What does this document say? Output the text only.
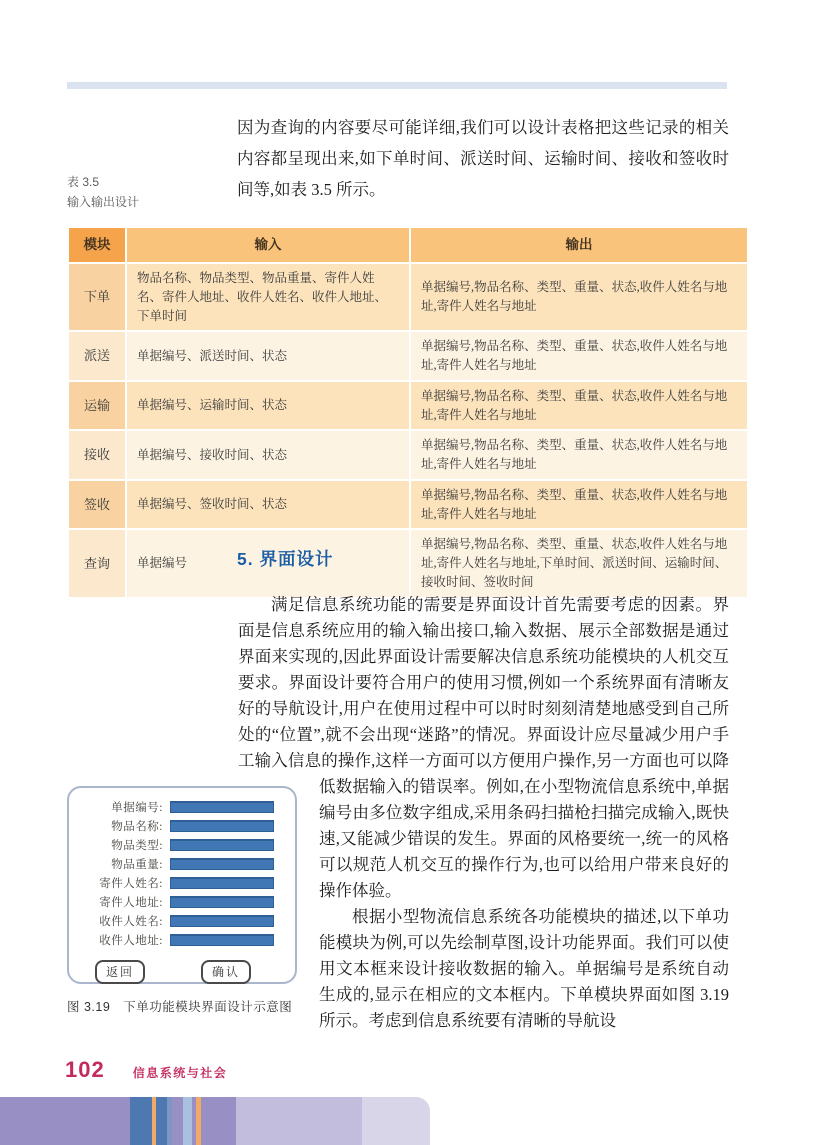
因为查询的内容要尽可能详细,我们可以设计表格把这些记录的相关内容都呈现出来,如下单时间、派送时间、运输时间、接收和签收时间等,如表 3.5 所示。

表 3.5
输入输出设计
模块	输入	输出
下单	物品名称、物品类型、物品重量、寄件人姓名、寄件人地址、收件人姓名、收件人地址、下单时间	单据编号,物品名称、类型、重量、状态,收件人姓名与地址,寄件人姓名与地址
派送	单据编号、派送时间、状态	单据编号,物品名称、类型、重量、状态,收件人姓名与地址,寄件人姓名与地址
运输	单据编号、运输时间、状态	单据编号,物品名称、类型、重量、状态,收件人姓名与地址,寄件人姓名与地址
接收	单据编号、接收时间、状态	单据编号,物品名称、类型、重量、状态,收件人姓名与地址,寄件人姓名与地址
签收	单据编号、签收时间、状态	单据编号,物品名称、类型、重量、状态,收件人姓名与地址,寄件人姓名与地址
查询	单据编号	单据编号,物品名称、类型、重量、状态,收件人姓名与地址,寄件人姓名与地址,下单时间、派送时间、运输时间、接收时间、签收时间
5. 界面设计

满足信息系统功能的需要是界面设计首先需要考虑的因素。界面是信息系统应用的输入输出接口,输入数据、展示全部数据是通过界面来实现的,因此界面设计需要解决信息系统功能模块的人机交互要求。界面设计要符合用户的使用习惯,例如一个系统界面有清晰友好的导航设计,用户在使用过程中可以时时刻刻清楚地感受到自己所处的“位置”,就不会出现“迷路”的情况。界面设计应尽量减少用户手工输入信息的操作,这样一方面可以方便用户操作,另一方面也可以降低数据输入的错误率。例如,在小型物流信息系统中,单据编号由多位数字组成,采用条码扫描枪扫描完成输入,既快速,又能减少错误的发生。界面的风格要统一,统一的风格可以规范人机交互的操作行为,也可以给用户带来良好的操作体验。

根据小型物流信息系统各功能模块的描述,以下单功能模块为例,可以先绘制草图,设计功能界面。我们可以使用文本框来设计接收数据的输入。单据编号是系统自动生成的,显示在相应的文本框内。下单模块界面如图 3.19 所示。考虑到信息系统要有清晰的导航设

单据编号:
物品名称:
物品类型:
物品重量:
寄件人姓名:
寄件人地址:
收件人姓名:
收件人地址:
返回	确认
图 3.19　下单功能模块界面设计示意图
102 信息系统与社会
